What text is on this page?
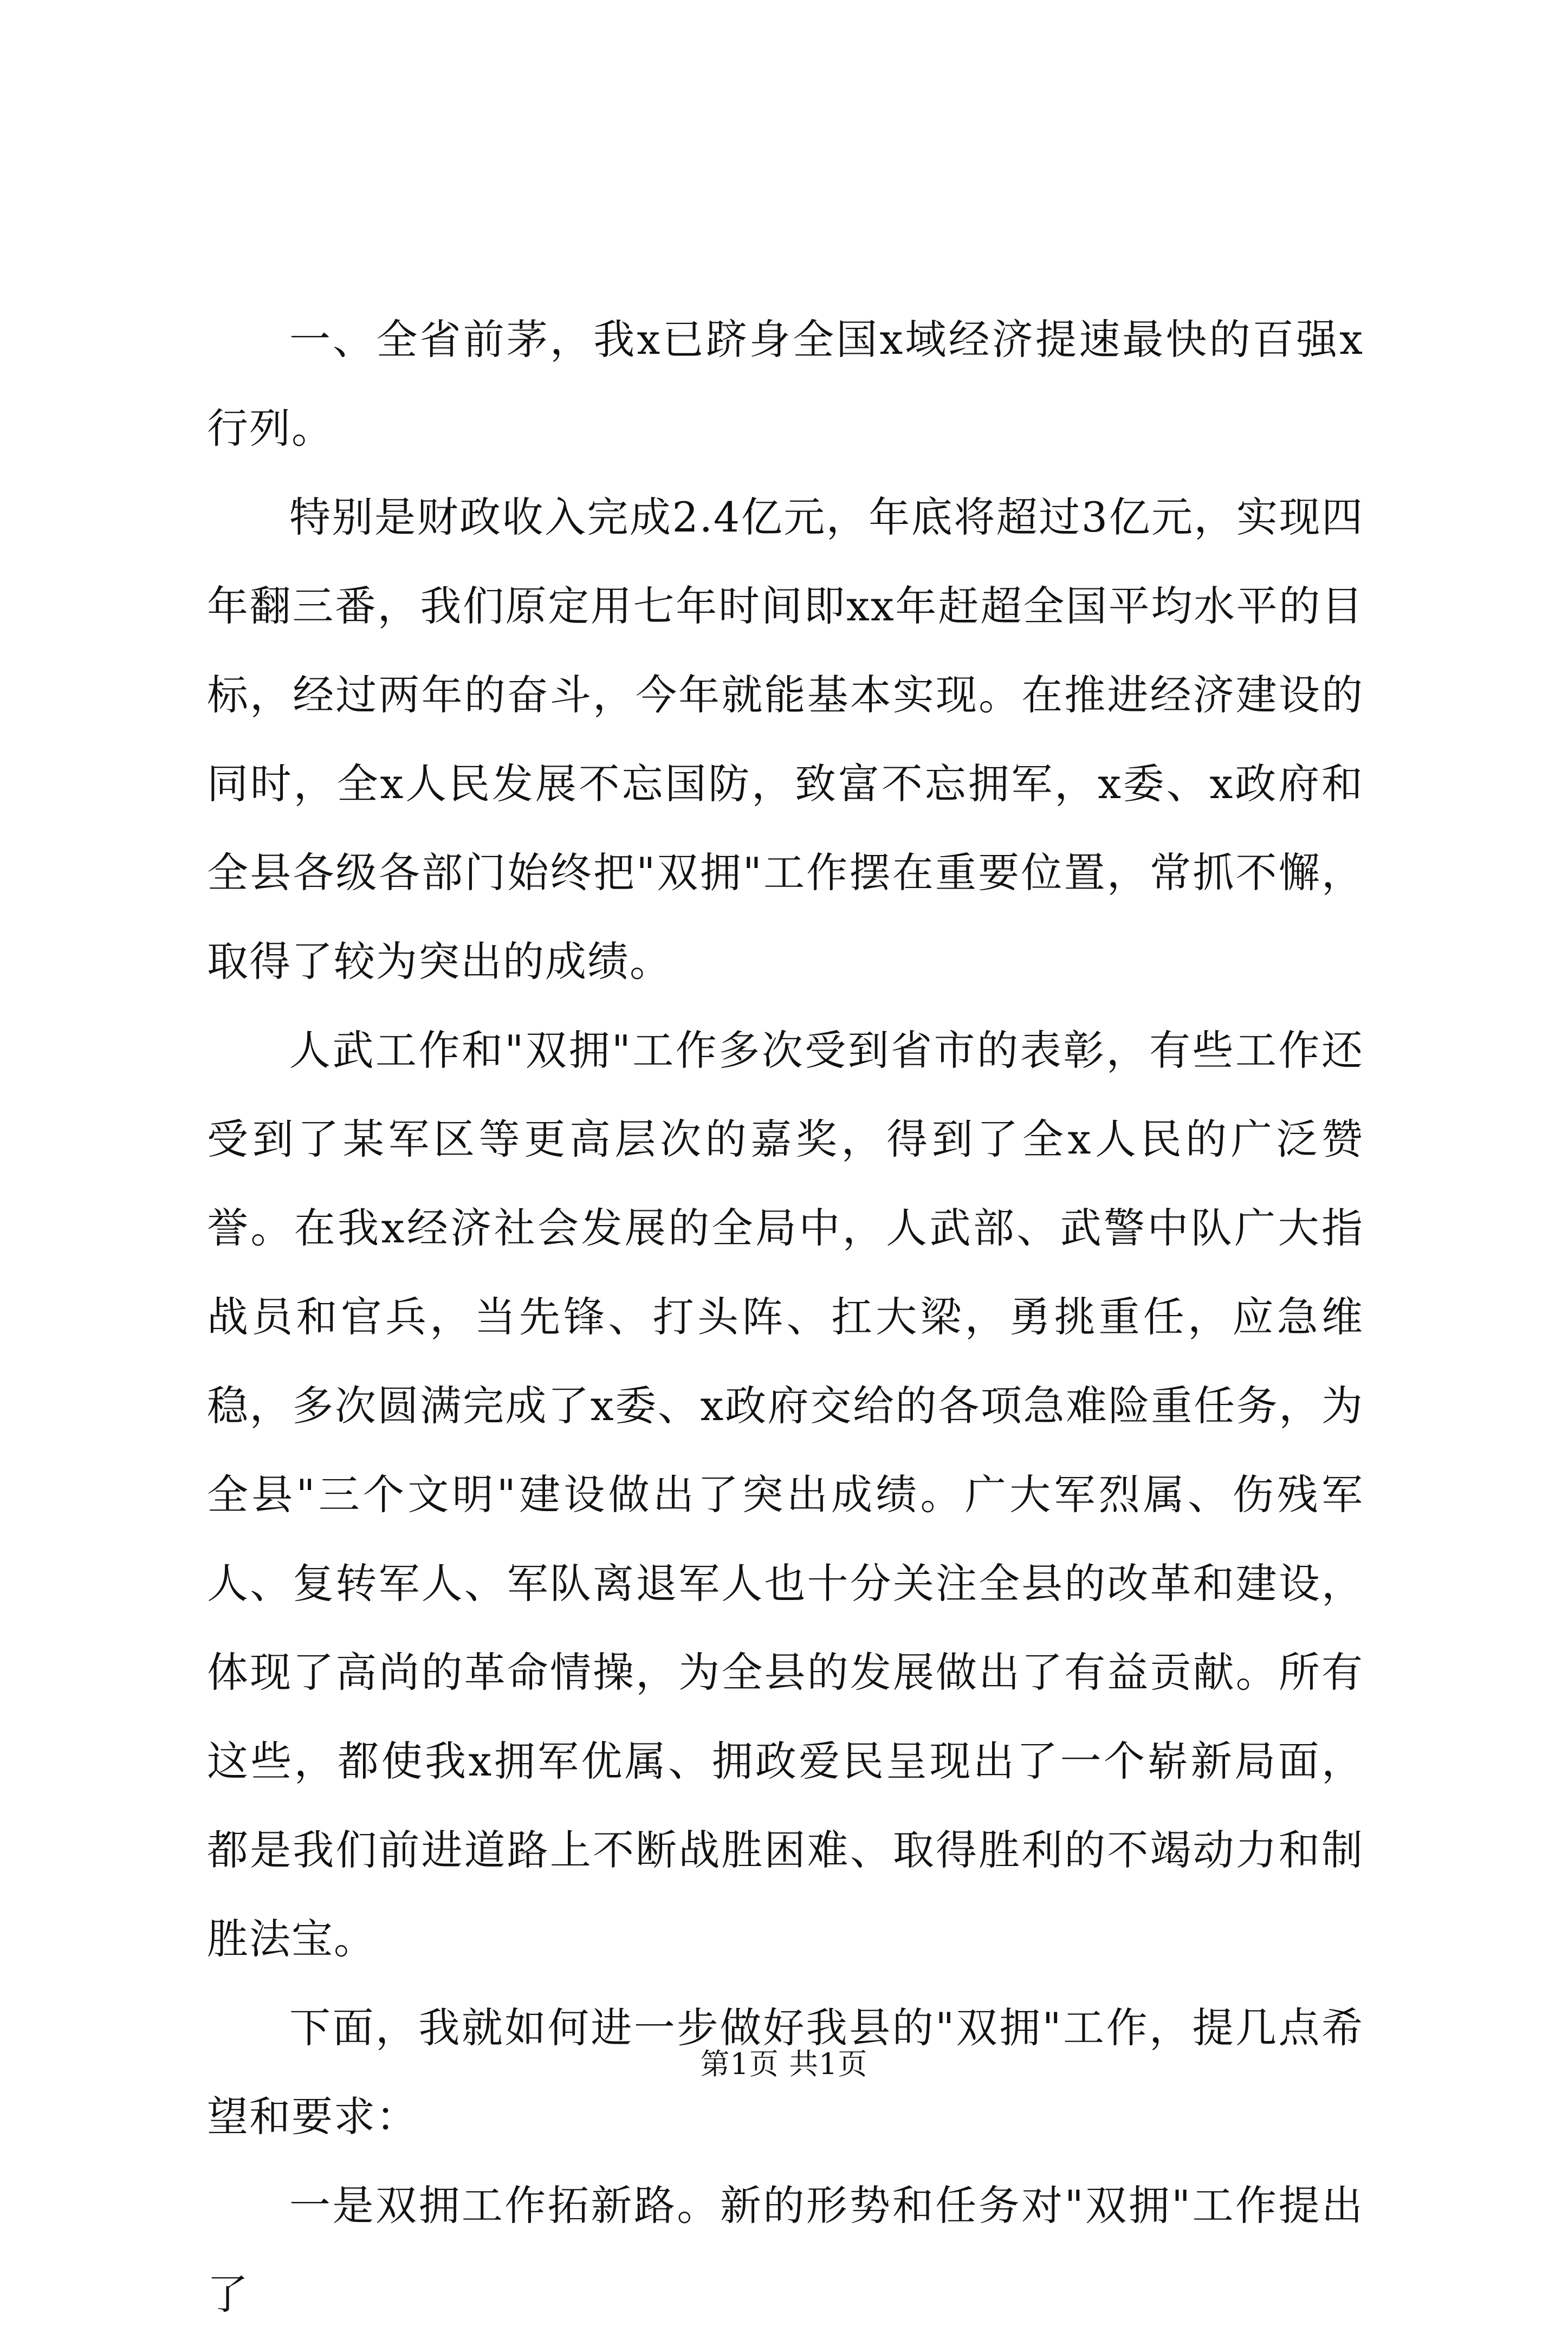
一、全省前茅，我x已跻身全国x域经济提速最快的百强x行列。

特别是财政收入完成2.4亿元，年底将超过3亿元，实现四年翻三番，我们原定用七年时间即xx年赶超全国平均水平的目标，经过两年的奋斗，今年就能基本实现。在推进经济建设的同时，全x人民发展不忘国防，致富不忘拥军，x委、x政府和全县各级各部门始终把"双拥"工作摆在重要位置，常抓不懈，取得了较为突出的成绩。

人武工作和"双拥"工作多次受到省市的表彰，有些工作还受到了某军区等更高层次的嘉奖，得到了全x人民的广泛赞誉。在我x经济社会发展的全局中，人武部、武警中队广大指战员和官兵，当先锋、打头阵、扛大梁，勇挑重任，应急维稳，多次圆满完成了x委、x政府交给的各项急难险重任务，为全县"三个文明"建设做出了突出成绩。广大军烈属、伤残军人、复转军人、军队离退军人也十分关注全县的改革和建设，体现了高尚的革命情操，为全县的发展做出了有益贡献。所有这些，都使我x拥军优属、拥政爱民呈现出了一个崭新局面，都是我们前进道路上不断战胜困难、取得胜利的不竭动力和制胜法宝。

下面，我就如何进一步做好我县的"双拥"工作，提几点希望和要求：

一是双拥工作拓新路。新的形势和任务对"双拥"工作提出了

第1页 共1页
